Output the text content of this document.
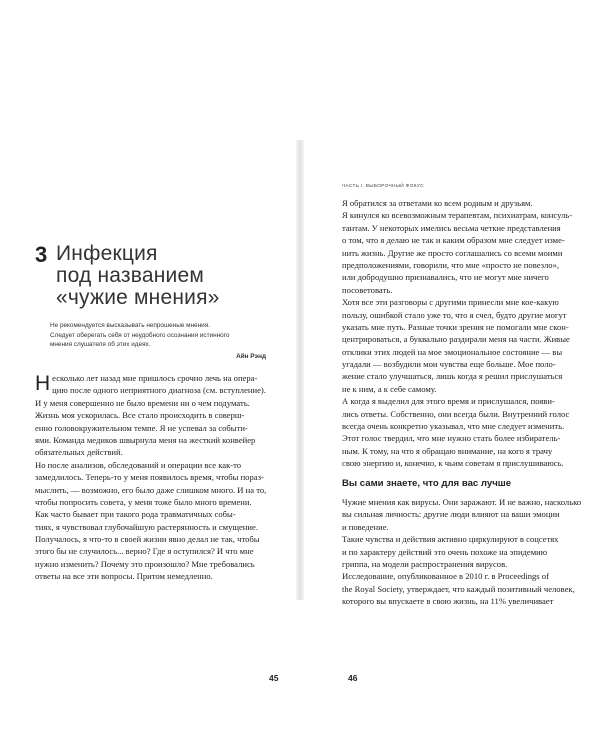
3 Инфекция
под названием
«чужие мнения»
Не рекомендуется высказывать непрошеные мнения.
Следует оберегать себя от неудобного осознания истинного
мнения слушателя об этих идеях.
Айн Рэнд
Н есколько лет назад мне пришлось срочно лечь на опера-
цию после одного неприятного диагноза (см. вступление).
И у меня совершенно не было времени ни о чем подумать.
Жизнь моя ускорилась. Все стало происходить в соверш-
енно головокружительном темпе. Я не успевал за событи-
ями. Команда медиков швырнула меня на жесткий конвейер
обязательных действий.
Но после анализов, обследований и операции все как-то
замедлилось. Теперь-то у меня появилось время, чтобы пораз-
мыслить, — возможно, его было даже слишком много. И на то,
чтобы попросить совета, у меня тоже было много времени.
Как часто бывает при такого рода травматичных собы-
тиях, я чувствовал глубочайшую растерянность и смущение.
Получалось, я что-то в своей жизни явно делал не так, чтобы
этого бы не случилось... верно? Где я оступился? И что мне
нужно изменить? Почему это произошло? Мне требовались
ответы на все эти вопросы. Притом немедленно.
45
ЧАСТЬ I. ВЫБОРОЧНЫЙ ФОКУС
Я обратился за ответами ко всем родным и друзьям.
Я кинулся ко всевозможным терапевтам, психиатрам, консуль-
тантам. У некоторых имелись весьма четкие представления
о том, что я делаю не так и каким образом мне следует изме-
нить жизнь. Другие же просто соглашались со всеми моими
предположениями, говорили, что мне «просто не повезло»,
или добродушно признавались, что не могут мне ничего
посоветовать.
Хотя все эти разговоры с другими принесли мне кое-какую
пользу, ошибкой стало уже то, что я счел, будто другие могут
указать мне путь. Разные точки зрения не помогали мне скон-
центрироваться, а буквально раздирали меня на части. Живые
отклики этих людей на мое эмоциональное состояние — вы
угадали — возбудили мои чувства еще больше. Мое поло-
жение стало улучшаться, лишь когда я решил прислушаться
не к ним, а к себе самому.
А когда я выделил для этого время и прислушался, появи-
лись ответы. Собственно, они всегда были. Внутренний голос
всегда очень конкретно указывал, что мне следует изменить.
Этот голос твердил, что мне нужно стать более избиратель-
ным. К тому, на что я обращаю внимание, на кого я трачу
свою энергию и, конечно, к чьим советам я прислушиваюсь.
Вы сами знаете, что для вас лучше
Чужие мнения как вирусы. Они заражают. И не важно, насколько
вы сильная личность: другие люди влияют на ваши эмоции
и поведение.
Такие чувства и действия активно циркулируют в соцсетях
и по характеру действий это очень похоже на эпидемию
гриппа, на модели распространения вирусов.
Исследование, опубликованное в 2010 г. в Proceedings of
the Royal Society, утверждает, что каждый позитивный человек,
которого вы впускаете в свою жизнь, на 11% увеличивает
46
